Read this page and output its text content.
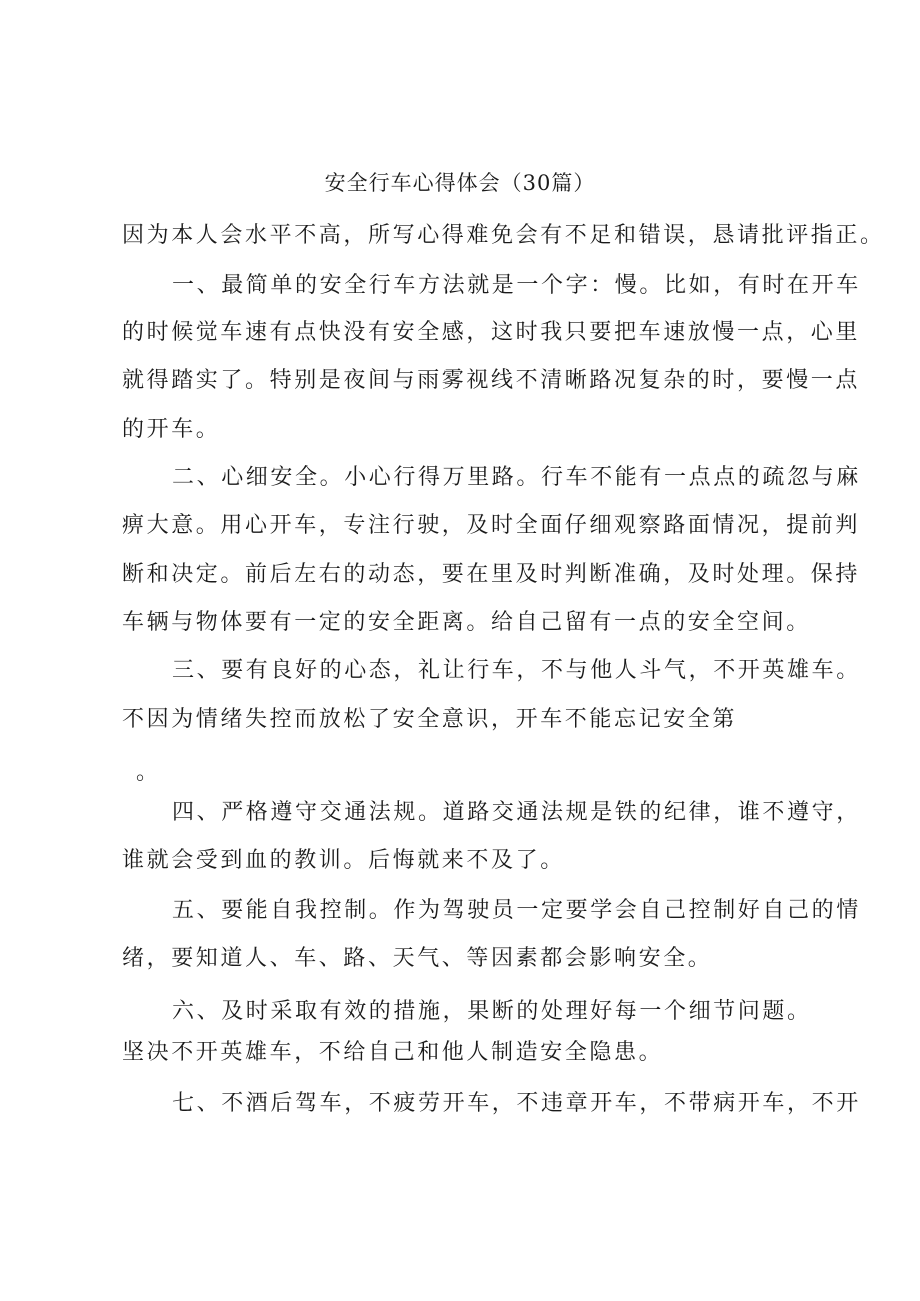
安全行车心得体会（30篇）
因为本人会水平不高，所写心得难免会有不足和错误，恳请批评指正。
一、最简单的安全行车方法就是一个字：慢。比如，有时在开车
的时候觉车速有点快没有安全感，这时我只要把车速放慢一点，心里
就得踏实了。特别是夜间与雨雾视线不清晰路况复杂的时，要慢一点
的开车。
二、心细安全。小心行得万里路。行车不能有一点点的疏忽与麻
痹大意。用心开车，专注行驶，及时全面仔细观察路面情况，提前判
断和决定。前后左右的动态，要在里及时判断准确，及时处理。保持
车辆与物体要有一定的安全距离。给自己留有一点的安全空间。
三、要有良好的心态，礼让行车，不与他人斗气，不开英雄车。
不因为情绪失控而放松了安全意识，开车不能忘记安全第
。
四、严格遵守交通法规。道路交通法规是铁的纪律，谁不遵守，
谁就会受到血的教训。后悔就来不及了。
五、要能自我控制。作为驾驶员一定要学会自己控制好自己的情
绪，要知道人、车、路、天气、等因素都会影响安全。
六、及时采取有效的措施，果断的处理好每一个细节问题。
坚决不开英雄车，不给自己和他人制造安全隐患。
七、不酒后驾车，不疲劳开车，不违章开车，不带病开车，不开
